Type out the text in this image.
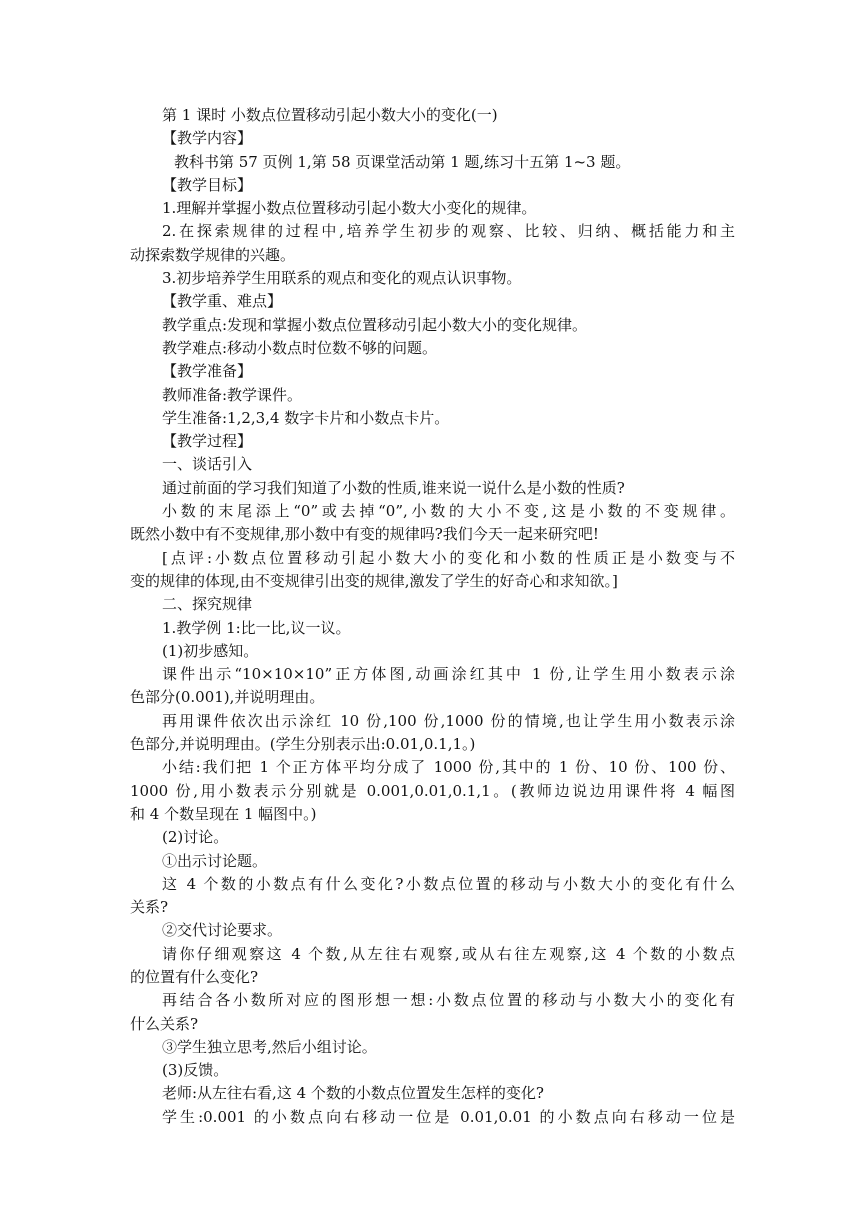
第 1 课时 小数点位置移动引起小数大小的变化(一)
【教学内容】
教科书第 57 页例 1,第 58 页课堂活动第 1 题,练习十五第 1~3 题。
【教学目标】
1.理解并掌握小数点位置移动引起小数大小变化的规律。
2.在探索规律的过程中,培养学生初步的观察、比较、归纳、概括能力和主
动探索数学规律的兴趣。
3.初步培养学生用联系的观点和变化的观点认识事物。
【教学重、难点】
教学重点:发现和掌握小数点位置移动引起小数大小的变化规律。
教学难点:移动小数点时位数不够的问题。
【教学准备】
教师准备:教学课件。
学生准备:1,2,3,4 数字卡片和小数点卡片。
【教学过程】
一、谈话引入
通过前面的学习我们知道了小数的性质,谁来说一说什么是小数的性质?
小数的末尾添上“0”或去掉“0”,小数的大小不变,这是小数的不变规律。
既然小数中有不变规律,那小数中有变的规律吗?我们今天一起来研究吧!
[点评:小数点位置移动引起小数大小的变化和小数的性质正是小数变与不
变的规律的体现,由不变规律引出变的规律,激发了学生的好奇心和求知欲。]
二、探究规律
1.教学例 1:比一比,议一议。
(1)初步感知。
课件出示“10×10×10”正方体图,动画涂红其中 1 份,让学生用小数表示涂
色部分(0.001),并说明理由。
再用课件依次出示涂红 10 份,100 份,1000 份的情境,也让学生用小数表示涂
色部分,并说明理由。(学生分别表示出:0.01,0.1,1。)
小结:我们把 1 个正方体平均分成了 1000 份,其中的 1 份、10 份、100 份、
1000 份,用小数表示分别就是 0.001,0.01,0.1,1。(教师边说边用课件将 4 幅图
和 4 个数呈现在 1 幅图中。)
(2)讨论。
①出示讨论题。
这 4 个数的小数点有什么变化?小数点位置的移动与小数大小的变化有什么
关系?
②交代讨论要求。
请你仔细观察这 4 个数,从左往右观察,或从右往左观察,这 4 个数的小数点
的位置有什么变化?
再结合各小数所对应的图形想一想:小数点位置的移动与小数大小的变化有
什么关系?
③学生独立思考,然后小组讨论。
(3)反馈。
老师:从左往右看,这 4 个数的小数点位置发生怎样的变化?
学生:0.001 的小数点向右移动一位是 0.01,0.01 的小数点向右移动一位是
